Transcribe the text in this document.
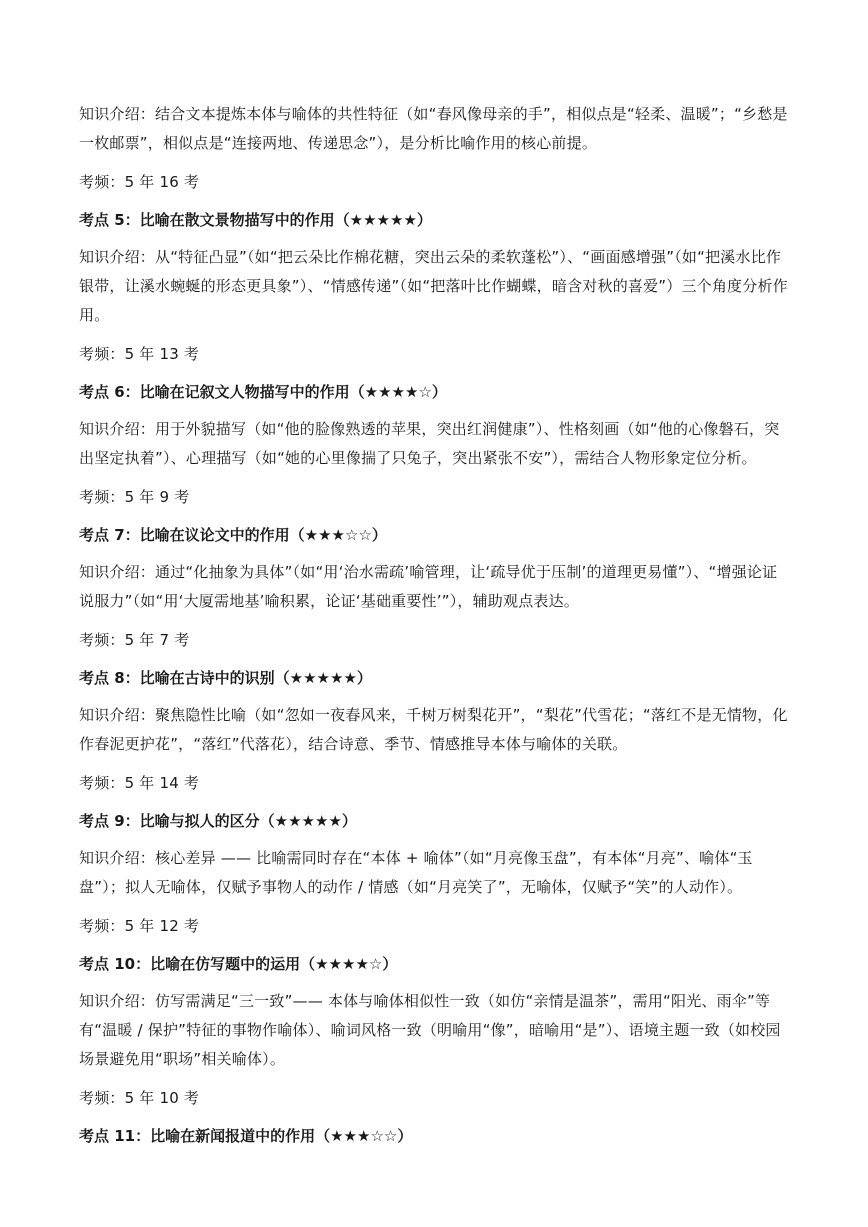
知识介绍：结合文本提炼本体与喻体的共性特征（如“春风像母亲的手”，相似点是“轻柔、温暖”；“乡愁是一枚邮票”，相似点是“连接两地、传递思念”），是分析比喻作用的核心前提。

考频：5 年 16 考

考点 5：比喻在散文景物描写中的作用（★★★★★）

知识介绍：从“特征凸显”（如“把云朵比作棉花糖，突出云朵的柔软蓬松”）、“画面感增强”（如“把溪水比作银带，让溪水蜿蜒的形态更具象”）、“情感传递”（如“把落叶比作蝴蝶，暗含对秋的喜爱”）三个角度分析作用。

考频：5 年 13 考

考点 6：比喻在记叙文人物描写中的作用（★★★★☆）

知识介绍：用于外貌描写（如“他的脸像熟透的苹果，突出红润健康”）、性格刻画（如“他的心像磐石，突出坚定执着”）、心理描写（如“她的心里像揣了只兔子，突出紧张不安”），需结合人物形象定位分析。

考频：5 年 9 考

考点 7：比喻在议论文中的作用（★★★☆☆）

知识介绍：通过“化抽象为具体”（如“用‘治水需疏’喻管理，让‘疏导优于压制’的道理更易懂”）、“增强论证说服力”（如“用‘大厦需地基’喻积累，论证‘基础重要性’”），辅助观点表达。

考频：5 年 7 考

考点 8：比喻在古诗中的识别（★★★★★）

知识介绍：聚焦隐性比喻（如“忽如一夜春风来，千树万树梨花开”，“梨花”代雪花；“落红不是无情物，化作春泥更护花”，“落红”代落花），结合诗意、季节、情感推导本体与喻体的关联。

考频：5 年 14 考

考点 9：比喻与拟人的区分（★★★★★）

知识介绍：核心差异 —— 比喻需同时存在“本体 + 喻体”（如“月亮像玉盘”，有本体“月亮”、喻体“玉盘”）；拟人无喻体，仅赋予事物人的动作 / 情感（如“月亮笑了”，无喻体，仅赋予“笑”的人动作）。

考频：5 年 12 考

考点 10：比喻在仿写题中的运用（★★★★☆）

知识介绍：仿写需满足“三一致”—— 本体与喻体相似性一致（如仿“亲情是温茶”，需用“阳光、雨伞”等有“温暖 / 保护”特征的事物作喻体）、喻词风格一致（明喻用“像”，暗喻用“是”）、语境主题一致（如校园场景避免用“职场”相关喻体）。

考频：5 年 10 考

考点 11：比喻在新闻报道中的作用（★★★☆☆）
